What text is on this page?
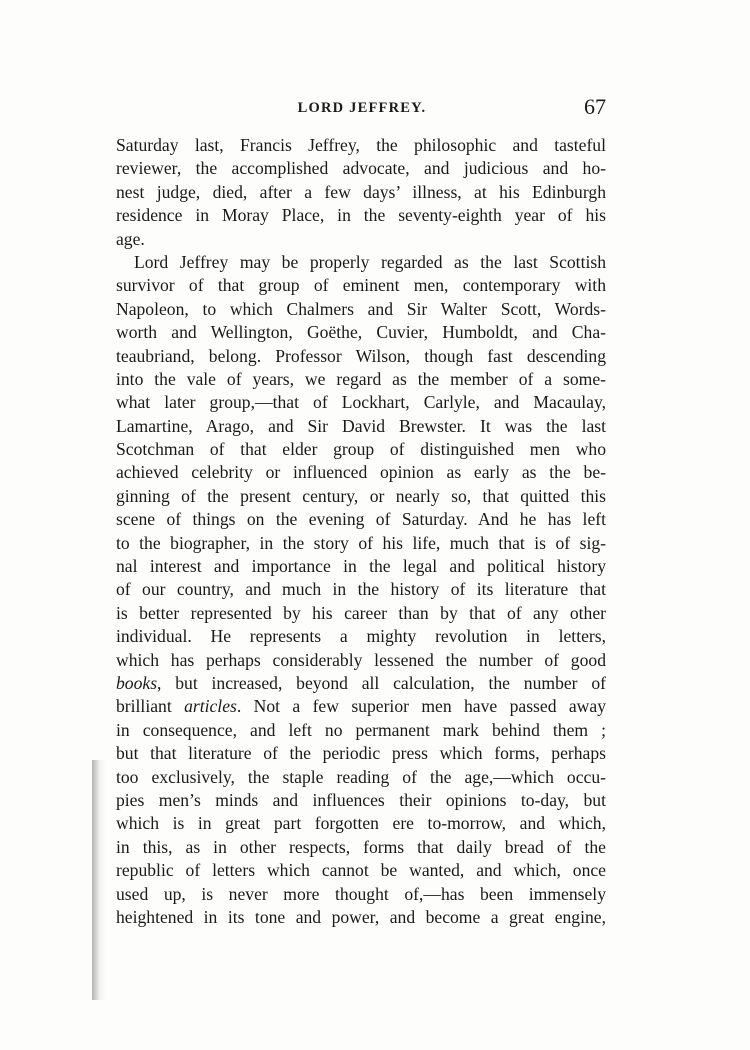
LORD JEFFREY.	67
Saturday last, Francis Jeffrey, the philosophic and tasteful
reviewer, the accomplished advocate, and judicious and ho-
nest judge, died, after a few days’ illness, at his Edinburgh
residence in Moray Place, in the seventy-eighth year of his
age.
Lord Jeffrey may be properly regarded as the last Scottish
survivor of that group of eminent men, contemporary with
Napoleon, to which Chalmers and Sir Walter Scott, Words-
worth and Wellington, Goëthe, Cuvier, Humboldt, and Cha-
teaubriand, belong. Professor Wilson, though fast descending
into the vale of years, we regard as the member of a some-
what later group,—that of Lockhart, Carlyle, and Macaulay,
Lamartine, Arago, and Sir David Brewster. It was the last
Scotchman of that elder group of distinguished men who
achieved celebrity or influenced opinion as early as the be-
ginning of the present century, or nearly so, that quitted this
scene of things on the evening of Saturday. And he has left
to the biographer, in the story of his life, much that is of sig-
nal interest and importance in the legal and political history
of our country, and much in the history of its literature that
is better represented by his career than by that of any other
individual. He represents a mighty revolution in letters,
which has perhaps considerably lessened the number of good
books, but increased, beyond all calculation, the number of
brilliant articles. Not a few superior men have passed away
in consequence, and left no permanent mark behind them ;
but that literature of the periodic press which forms, perhaps
too exclusively, the staple reading of the age,—which occu-
pies men’s minds and influences their opinions to-day, but
which is in great part forgotten ere to-morrow, and which,
in this, as in other respects, forms that daily bread of the
republic of letters which cannot be wanted, and which, once
used up, is never more thought of,—has been immensely
heightened in its tone and power, and become a great engine,
